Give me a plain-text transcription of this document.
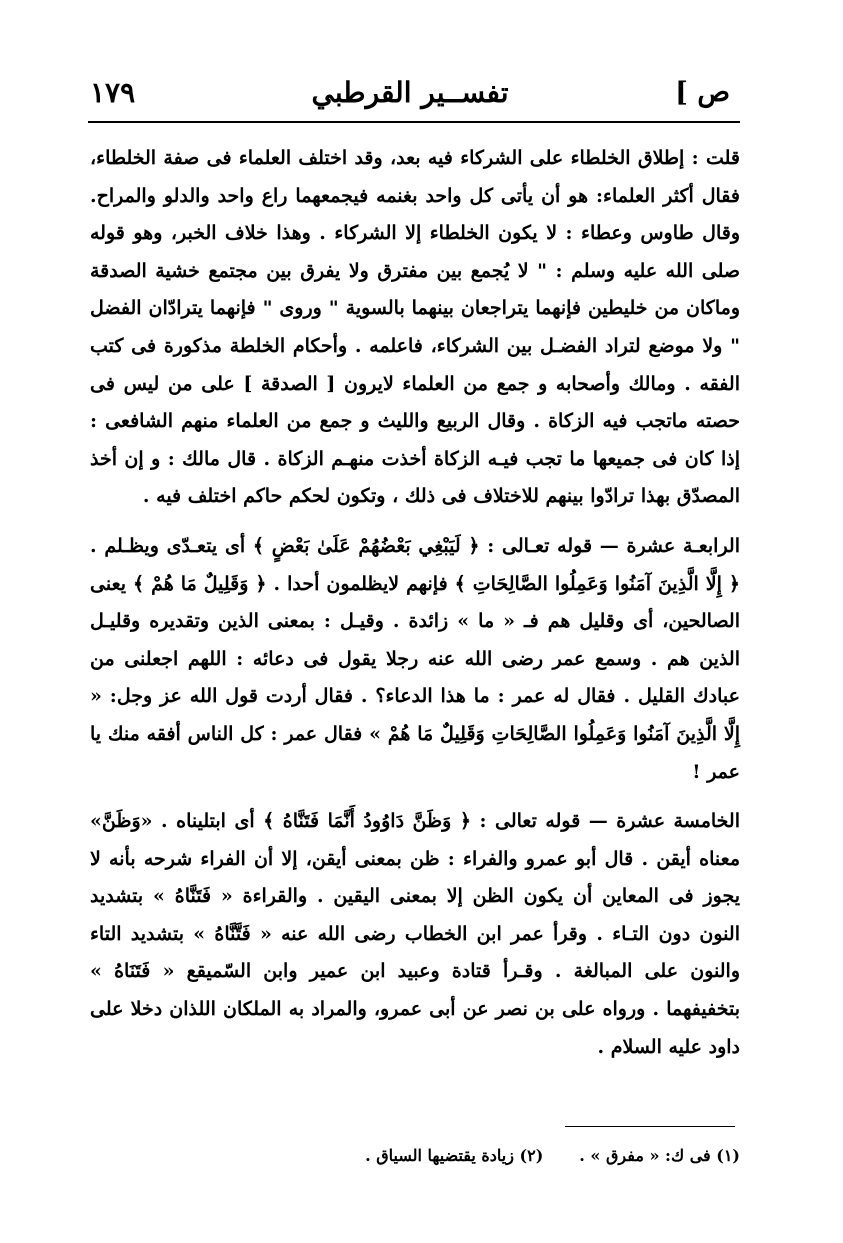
ص ]
تفســير القرطبي
١٧٩

قلت : إطلاق الخلطاء على الشركاء فيه بعد، وقد اختلف العلماء فى صفة الخلطاء، فقال أكثر العلماء: هو أن يأتى كل واحد بغنمه فيجمعهما راع واحد والدلو والمراح. وقال طاوس وعطاء : لا يكون الخلطاء إلا الشركاء . وهذا خلاف الخبر، وهو قوله صلى الله عليه وسلم : " لا يُجمع بين مفترق ولا يفرق بين مجتمع خشية الصدقة وماكان من خليطين فإنهما يتراجعان بينهما بالسوية " وروى " فإنهما يترادّان الفضل " ولا موضع لتراد الفضـل بين الشركاء، فاعلمه . وأحكام الخلطة مذكورة فى كتب الفقه . ومالك وأصحابه و جمع من العلماء لايرون [ الصدقة ] على من ليس فى حصته ماتجب فيه الزكاة . وقال الربيع والليث و جمع من العلماء منهم الشافعى : إذا كان فى جميعها ما تجب فيـه الزكاة أخذت منهـم الزكاة . قال مالك : و إن أخذ المصدّق بهذا ترادّوا بينهم للاختلاف فى ذلك ، وتكون لحكم حاكم اختلف فيه .

الرابعـة عشرة — قوله تعـالى : ﴿ لَيَبْغِي بَعْضُهُمْ عَلَىٰ بَعْضٍ ﴾ أى يتعـدّى ويظـلم . ﴿ إِلَّا الَّذِينَ آمَنُوا وَعَمِلُوا الصَّالِحَاتِ ﴾ فإنهم لايظلمون أحدا . ﴿ وَقَلِيلٌ مَا هُمْ ﴾ يعنى الصالحين، أى وقليل هم فـ « ما » زائدة . وقيـل : بمعنى الذين وتقديره وقليـل الذين هم . وسمع عمر رضى الله عنه رجلا يقول فى دعائه : اللهم اجعلنى من عبادك القليل . فقال له عمر : ما هذا الدعاء؟ . فقال أردت قول الله عز وجل: « إِلَّا الَّذِينَ آمَنُوا وَعَمِلُوا الصَّالِحَاتِ وَقَلِيلٌ مَا هُمْ » فقال عمر : كل الناس أفقه منك يا عمر !

الخامسة عشرة — قوله تعالى : ﴿ وَظَنَّ دَاوُودُ أَنَّمَا فَتَنَّاهُ ﴾ أى ابتليناه . «وَظَنَّ» معناه أيقن . قال أبو عمرو والفراء : ظن بمعنى أيقن، إلا أن الفراء شرحه بأنه لا يجوز فى المعاين أن يكون الظن إلا بمعنى اليقين . والقراءة « فَتَنَّاهُ » بتشديد النون دون التـاء . وقرأ عمر ابن الخطاب رضى الله عنه « فَتَّنَّاهُ » بتشديد التاء والنون على المبالغة . وقـرأ قتادة وعبيد ابن عمير وابن السّميقع « فَتَنَاهُ » بتخفيفهما . ورواه على بن نصر عن أبى عمرو، والمراد به الملكان اللذان دخلا على داود عليه السلام .

(١) فى ك: « مفرق » .
(٢) زيادة يقتضيها السياق .
